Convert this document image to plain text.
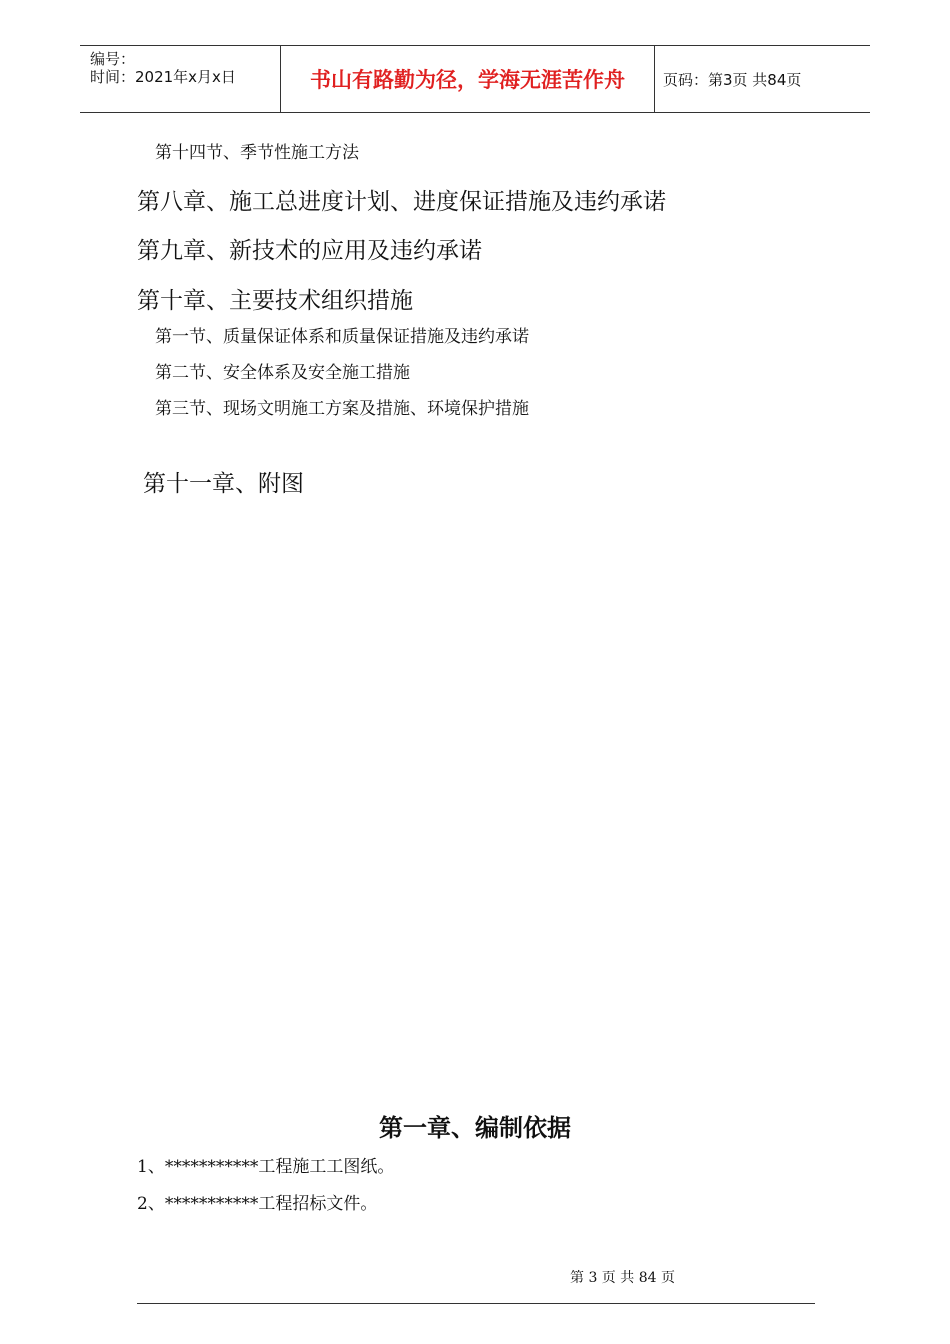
编号：
时间：2021年x月x日	书山有路勤为径，学海无涯苦作舟	页码：第3页 共84页
第十四节、季节性施工方法
第八章、施工总进度计划、进度保证措施及违约承诺
第九章、新技术的应用及违约承诺
第十章、主要技术组织措施
第一节、质量保证体系和质量保证措施及违约承诺
第二节、安全体系及安全施工措施
第三节、现场文明施工方案及措施、环境保护措施
第十一章、附图
第一章、编制依据
1、***********工程施工工图纸。
2、***********工程招标文件。
第 3 页 共 84 页
